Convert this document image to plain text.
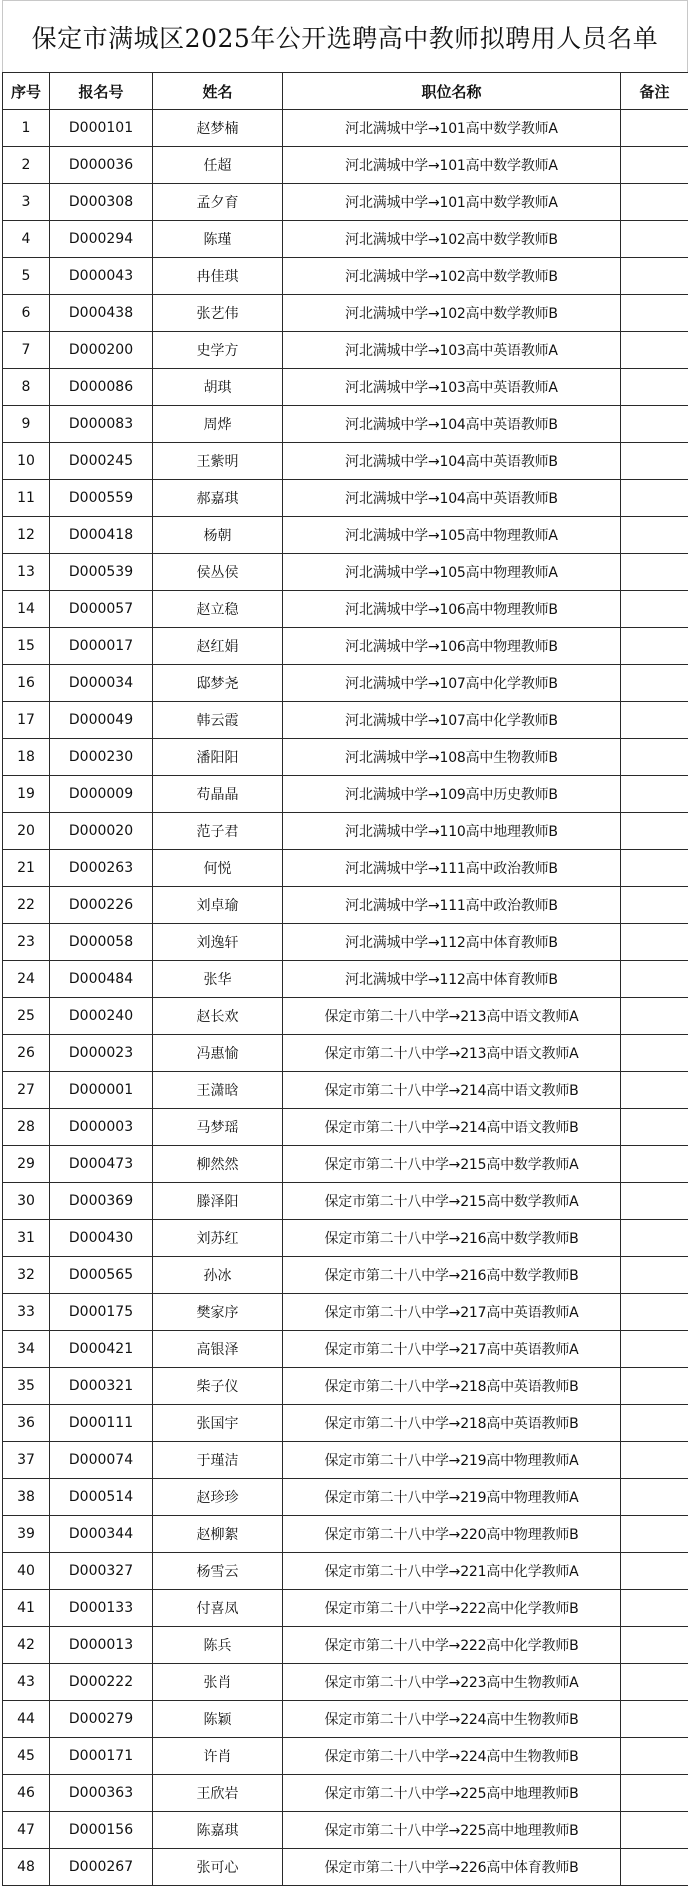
保定市满城区2025年公开选聘高中教师拟聘用人员名单
序号	报名号	姓名	职位名称	备注
1	D000101	赵梦楠	河北满城中学→101高中数学教师A	
2	D000036	任超	河北满城中学→101高中数学教师A	
3	D000308	孟夕育	河北满城中学→101高中数学教师A	
4	D000294	陈瑾	河北满城中学→102高中数学教师B	
5	D000043	冉佳琪	河北满城中学→102高中数学教师B	
6	D000438	张艺伟	河北满城中学→102高中数学教师B	
7	D000200	史学方	河北满城中学→103高中英语教师A	
8	D000086	胡琪	河北满城中学→103高中英语教师A	
9	D000083	周烨	河北满城中学→104高中英语教师B	
10	D000245	王紫明	河北满城中学→104高中英语教师B	
11	D000559	郝嘉琪	河北满城中学→104高中英语教师B	
12	D000418	杨朝	河北满城中学→105高中物理教师A	
13	D000539	侯丛侯	河北满城中学→105高中物理教师A	
14	D000057	赵立稳	河北满城中学→106高中物理教师B	
15	D000017	赵红娟	河北满城中学→106高中物理教师B	
16	D000034	邸梦尧	河北满城中学→107高中化学教师B	
17	D000049	韩云霞	河北满城中学→107高中化学教师B	
18	D000230	潘阳阳	河北满城中学→108高中生物教师B	
19	D000009	苟晶晶	河北满城中学→109高中历史教师B	
20	D000020	范子君	河北满城中学→110高中地理教师B	
21	D000263	何悦	河北满城中学→111高中政治教师B	
22	D000226	刘卓瑜	河北满城中学→111高中政治教师B	
23	D000058	刘逸轩	河北满城中学→112高中体育教师B	
24	D000484	张华	河北满城中学→112高中体育教师B	
25	D000240	赵长欢	保定市第二十八中学→213高中语文教师A	
26	D000023	冯惠愉	保定市第二十八中学→213高中语文教师A	
27	D000001	王潇晗	保定市第二十八中学→214高中语文教师B	
28	D000003	马梦瑶	保定市第二十八中学→214高中语文教师B	
29	D000473	柳然然	保定市第二十八中学→215高中数学教师A	
30	D000369	滕泽阳	保定市第二十八中学→215高中数学教师A	
31	D000430	刘苏红	保定市第二十八中学→216高中数学教师B	
32	D000565	孙冰	保定市第二十八中学→216高中数学教师B	
33	D000175	樊家序	保定市第二十八中学→217高中英语教师A	
34	D000421	高银泽	保定市第二十八中学→217高中英语教师A	
35	D000321	柴子仪	保定市第二十八中学→218高中英语教师B	
36	D000111	张国宇	保定市第二十八中学→218高中英语教师B	
37	D000074	于瑾洁	保定市第二十八中学→219高中物理教师A	
38	D000514	赵珍珍	保定市第二十八中学→219高中物理教师A	
39	D000344	赵柳絮	保定市第二十八中学→220高中物理教师B	
40	D000327	杨雪云	保定市第二十八中学→221高中化学教师A	
41	D000133	付喜凤	保定市第二十八中学→222高中化学教师B	
42	D000013	陈兵	保定市第二十八中学→222高中化学教师B	
43	D000222	张肖	保定市第二十八中学→223高中生物教师A	
44	D000279	陈颖	保定市第二十八中学→224高中生物教师B	
45	D000171	许肖	保定市第二十八中学→224高中生物教师B	
46	D000363	王欣岩	保定市第二十八中学→225高中地理教师B	
47	D000156	陈嘉琪	保定市第二十八中学→225高中地理教师B	
48	D000267	张可心	保定市第二十八中学→226高中体育教师B	
